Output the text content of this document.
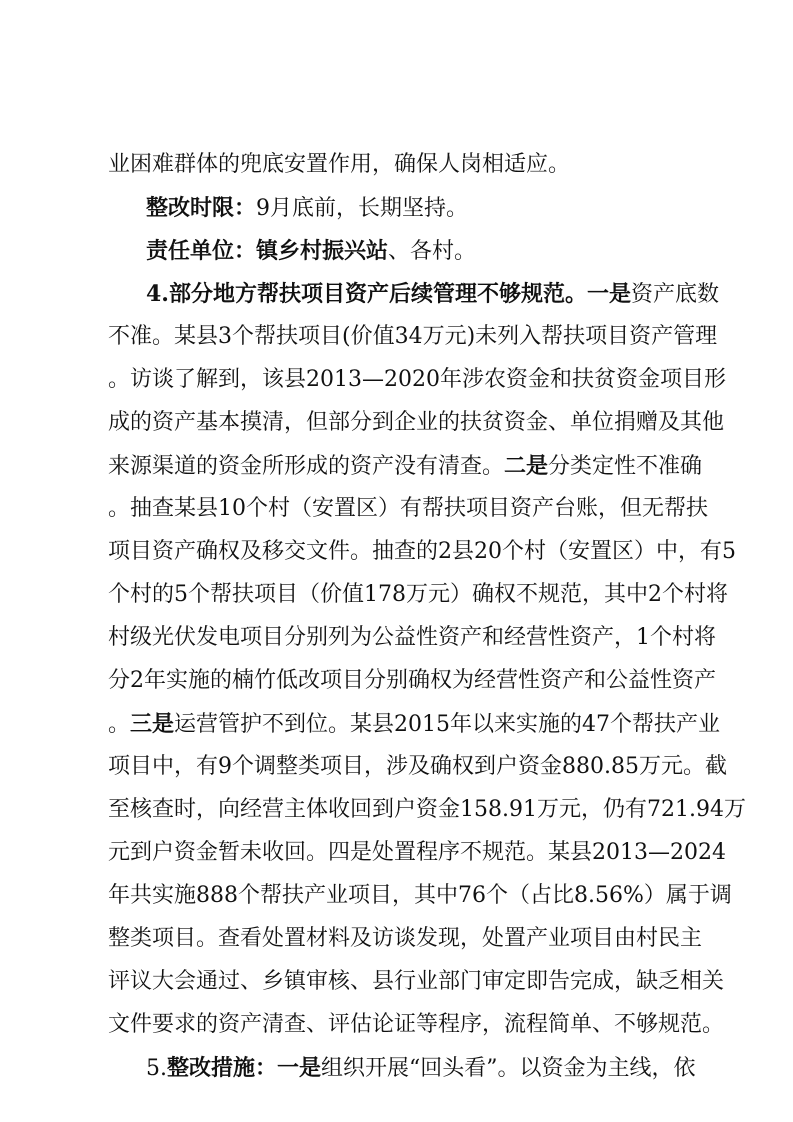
业困难群体的兜底安置作用，确保人岗相适应。
整改时限：9月底前，长期坚持。
责任单位：镇乡村振兴站、各村。
4.部分地方帮扶项目资产后续管理不够规范。一是资产底数
不准。某县3个帮扶项目(价值34万元)未列入帮扶项目资产管理
。访谈了解到，该县2013—2020年涉农资金和扶贫资金项目形
成的资产基本摸清，但部分到企业的扶贫资金、单位捐赠及其他
来源渠道的资金所形成的资产没有清查。二是分类定性不准确
。抽查某县10个村（安置区）有帮扶项目资产台账，但无帮扶
项目资产确权及移交文件。抽查的2县20个村（安置区）中，有5
个村的5个帮扶项目（价值178万元）确权不规范，其中2个村将
村级光伏发电项目分别列为公益性资产和经营性资产，1个村将
分2年实施的楠竹低改项目分别确权为经营性资产和公益性资产
。三是运营管护不到位。某县2015年以来实施的47个帮扶产业
项目中，有9个调整类项目，涉及确权到户资金880.85万元。截
至核查时，向经营主体收回到户资金158.91万元，仍有721.94万
元到户资金暂未收回。四是处置程序不规范。某县2013—2024
年共实施888个帮扶产业项目，其中76个（占比8.56%）属于调
整类项目。查看处置材料及访谈发现，处置产业项目由村民主
评议大会通过、乡镇审核、县行业部门审定即告完成，缺乏相关
文件要求的资产清查、评估论证等程序，流程简单、不够规范。
5.整改措施：一是组织开展“回头看”。以资金为主线，依
